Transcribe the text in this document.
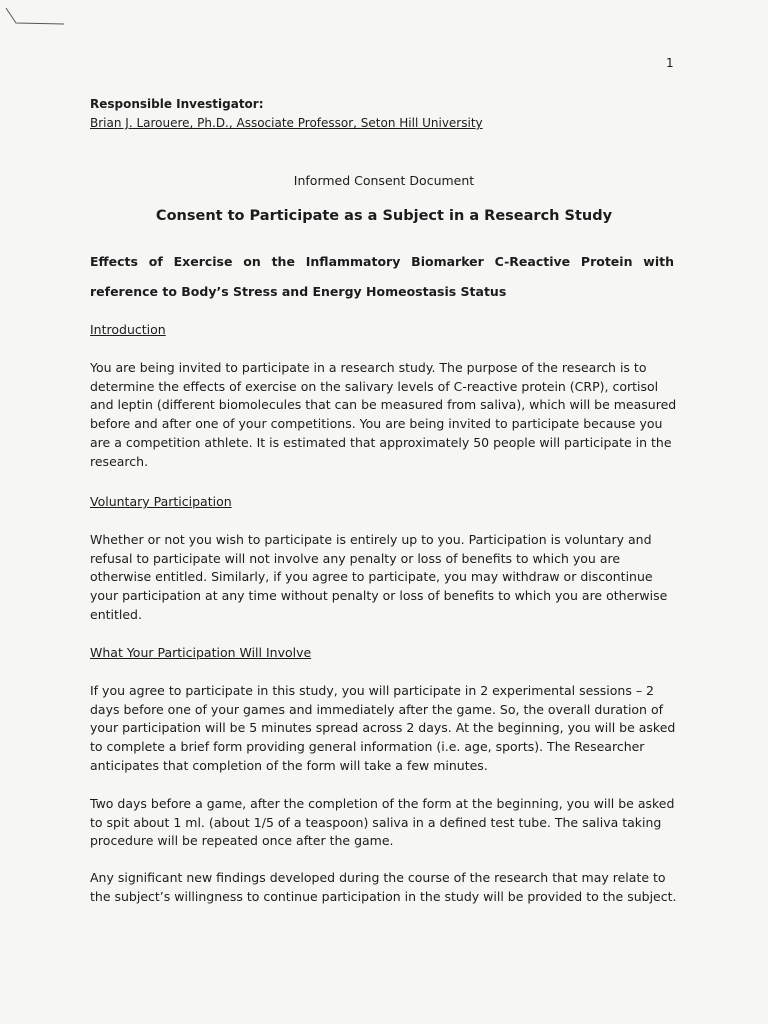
1
Responsible Investigator:
Brian J. Larouere, Ph.D., Associate Professor, Seton Hill University
Informed Consent Document
Consent to Participate as a Subject in a Research Study
Effects of Exercise on the Inflammatory Biomarker C-Reactive Protein with reference to Body’s Stress and Energy Homeostasis Status
Introduction
You are being invited to participate in a research study. The purpose of the research is to determine the effects of exercise on the salivary levels of C-reactive protein (CRP), cortisol and leptin (different biomolecules that can be measured from saliva), which will be measured before and after one of your competitions. You are being invited to participate because you are a competition athlete. It is estimated that approximately 50 people will participate in the research.
Voluntary Participation
Whether or not you wish to participate is entirely up to you. Participation is voluntary and refusal to participate will not involve any penalty or loss of benefits to which you are otherwise entitled. Similarly, if you agree to participate, you may withdraw or discontinue your participation at any time without penalty or loss of benefits to which you are otherwise entitled.
What Your Participation Will Involve
If you agree to participate in this study, you will participate in 2 experimental sessions – 2 days before one of your games and immediately after the game. So, the overall duration of your participation will be 5 minutes spread across 2 days. At the beginning, you will be asked to complete a brief form providing general information (i.e. age, sports). The Researcher anticipates that completion of the form will take a few minutes.
Two days before a game, after the completion of the form at the beginning, you will be asked to spit about 1 ml. (about 1/5 of a teaspoon) saliva in a defined test tube. The saliva taking procedure will be repeated once after the game.
Any significant new findings developed during the course of the research that may relate to the subject’s willingness to continue participation in the study will be provided to the subject.
